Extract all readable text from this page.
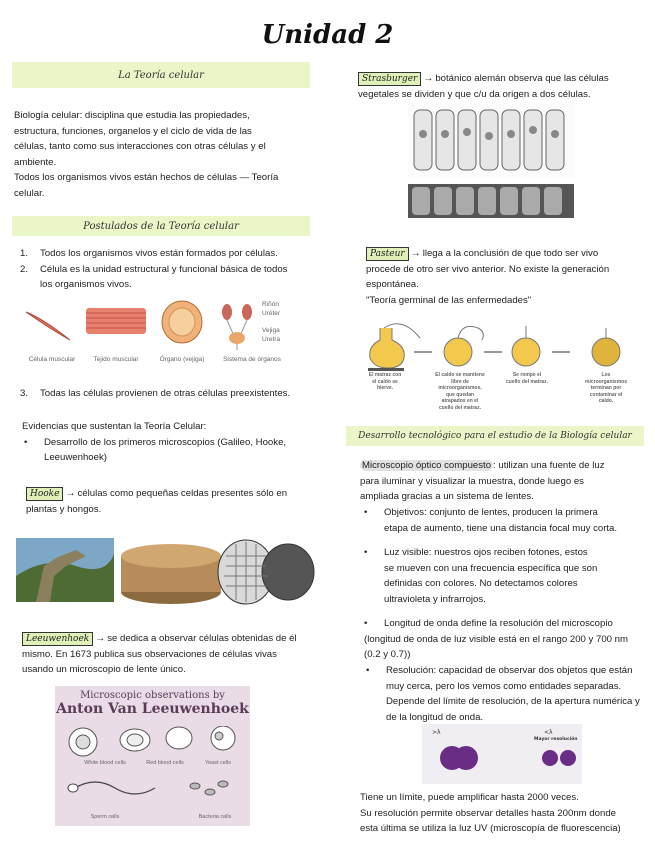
Unidad 2
La Teoría celular
Biología celular: disciplina que estudia las propiedades,
estructura, funciones, organelos y el ciclo de vida de las
células, tanto como sus interacciones con otras células y el
ambiente.
Todos los organismos vivos están hechos de células — Teoría
celular.
Postulados de la Teoría celular
1.	Todos los organismos vivos están formados por células.
2.	Célula es la unidad estructural y funcional básica de todos
los organismos vivos.
Riñón
Uréter
Vejiga
Uretra
Célula muscular	Tejido muscular	Órgano (vejiga)	Sistema de órganos
3.	Todas las células provienen de otras células preexistentes.
Evidencias que sustentan la Teoría Celular:
•	Desarrollo de los primeros microscopios (Galileo, Hooke,
Leeuwenhoek)
Hooke → células como pequeñas celdas presentes sólo en
plantas y hongos.
Leeuwenhoek → se dedica a observar células obtenidas de él
mismo. En 1673 publica sus observaciones de células vivas
usando un microscopio de lente único.
Microscopic observations by
Anton Van Leeuwenhoek
White blood cells	Red blood cells	Yeast cells
Sperm cells	Bacteria cells
Strasburger → botánico alemán observa que las células
vegetales se dividen y que c/u da origen a dos células.
Pasteur → llega a la conclusión de que todo ser vivo
procede de otro ser vivo anterior. No existe la generación
espontánea.
"Teoría germinal de las enfermedades"
El matraz con
el caldo se
hierve.
El caldo se mantiene
libre de
microorganismos,
que quedan
atrapados en el
cuello del matraz.
Se rompe el
cuello del matraz.
Los
microorganismos
terminan por
contaminar el
caldo.
Desarrollo tecnológico para el estudio de la Biología celular
Microscopio óptico compuesto : utilizan una fuente de luz
para iluminar y visualizar la muestra, donde luego es
ampliada gracias a un sistema de lentes.
•	Objetivos: conjunto de lentes, producen la primera
etapa de aumento, tiene una distancia focal muy corta.
•	Luz visible: nuestros ojos reciben fotones, estos
se mueven con una frecuencia específica que son
definidas con colores. No detectamos colores
ultravioleta y infrarrojos.
•	Longitud de onda define la resolución del microscopio
(longitud de onda de luz visible está en el rango 200 y 700 nm
(0.2 y 0.7))
•	Resolución: capacidad de observar dos objetos que están
muy cerca, pero los vemos como entidades separadas.
Depende del límite de resolución, de la apertura numérica y
de la longitud de onda.
>λ	<λ
Mayor resolución
Tiene un límite, puede amplificar hasta 2000 veces.
Su resolución permite observar detalles hasta 200nm donde
esta última se utiliza la luz UV (microscopía de fluorescencia)
